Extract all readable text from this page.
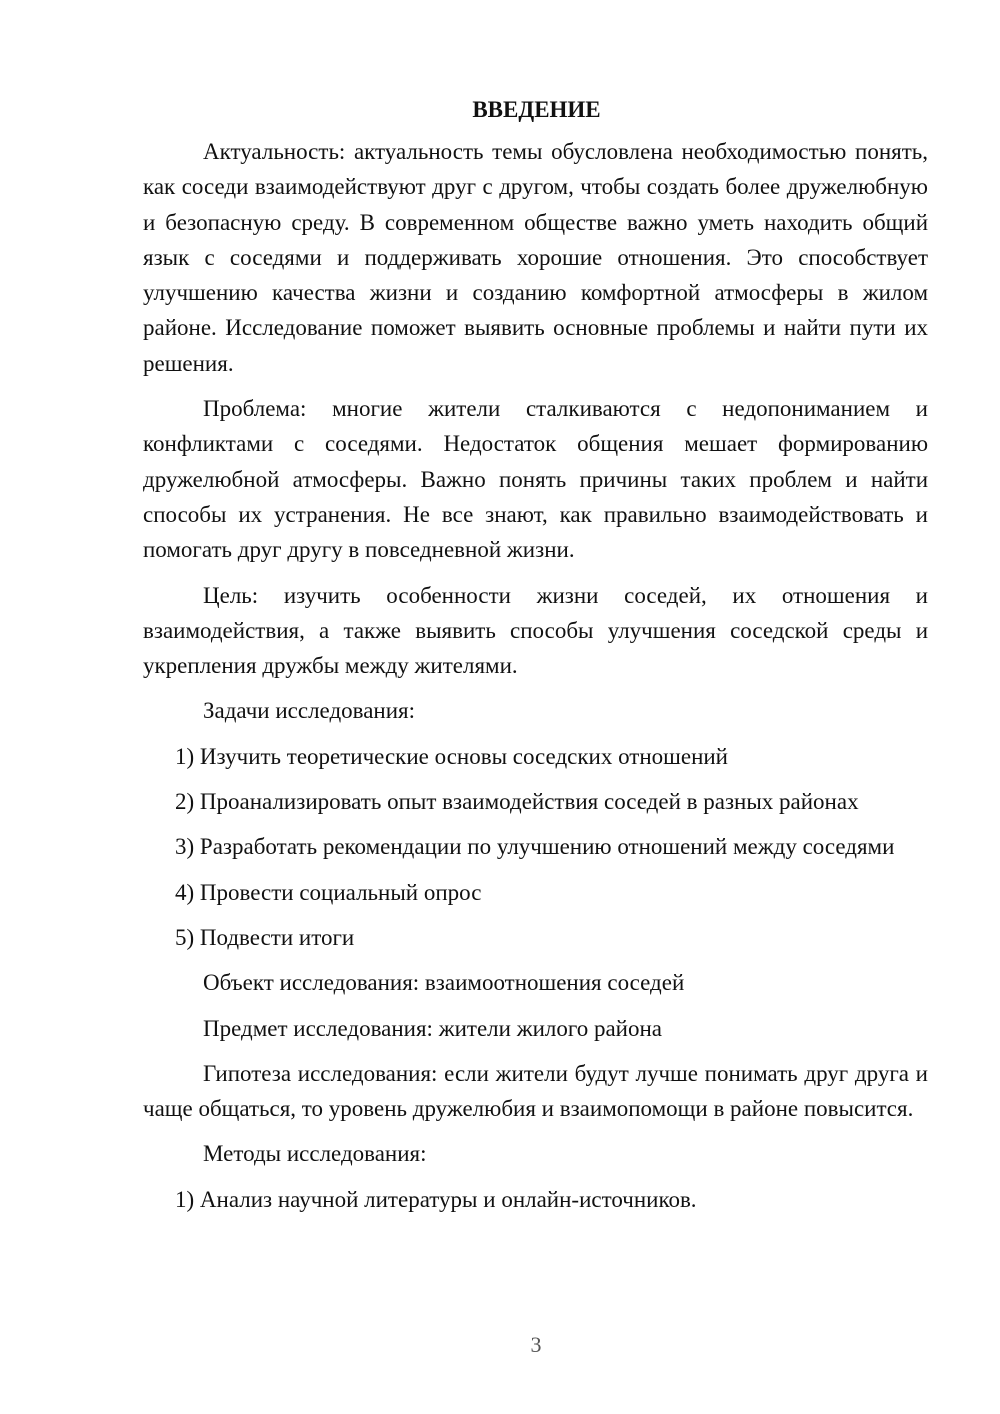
ВВЕДЕНИЕ

Актуальность: актуальность темы обусловлена необходимостью понять, как соседи взаимодействуют друг с другом, чтобы создать более дружелюбную и безопасную среду. В современном обществе важно уметь находить общий язык с соседями и поддерживать хорошие отношения. Это способствует улучшению качества жизни и созданию комфортной атмосферы в жилом районе. Исследование поможет выявить основные проблемы и найти пути их решения.

Проблема: многие жители сталкиваются с недопониманием и конфликтами с соседями. Недостаток общения мешает формированию дружелюбной атмосферы. Важно понять причины таких проблем и найти способы их устранения. Не все знают, как правильно взаимодействовать и помогать друг другу в повседневной жизни.

Цель: изучить особенности жизни соседей, их отношения и взаимодействия, а также выявить способы улучшения соседской среды и укрепления дружбы между жителями.

Задачи исследования:

1) Изучить теоретические основы соседских отношений

2) Проанализировать опыт взаимодействия соседей в разных районах

3) Разработать рекомендации по улучшению отношений между соседями

4) Провести социальный опрос

5) Подвести итоги

Объект исследования: взаимоотношения соседей

Предмет исследования: жители жилого района

Гипотеза исследования: если жители будут лучше понимать друг друга и чаще общаться, то уровень дружелюбия и взаимопомощи в районе повысится.

Методы исследования:

1) Анализ научной литературы и онлайн-источников.

3
